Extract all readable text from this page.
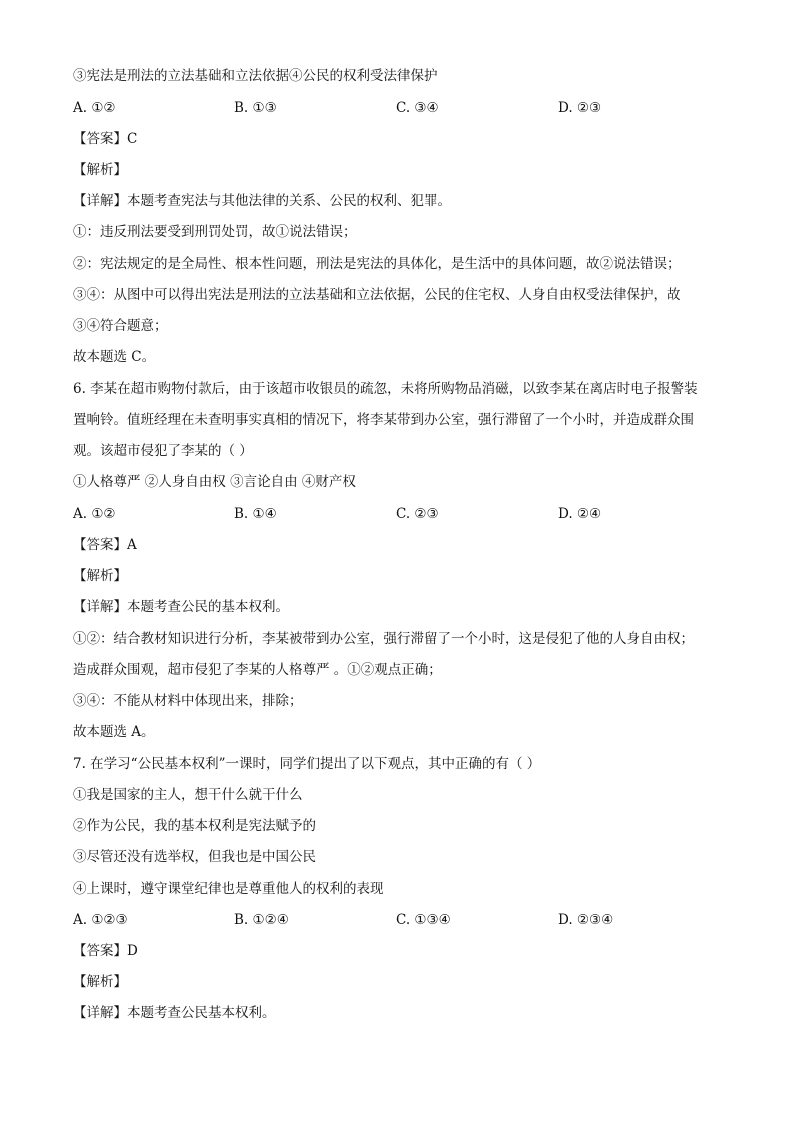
③宪法是刑法的立法基础和立法依据④公民的权利受法律保护
A. ①②	B. ①③	C. ③④	D. ②③
【答案】C
【解析】
【详解】本题考查宪法与其他法律的关系、公民的权利、犯罪。
①：违反刑法要受到刑罚处罚，故①说法错误；
②：宪法规定的是全局性、根本性问题，刑法是宪法的具体化，是生活中的具体问题，故②说法错误；
③④：从图中可以得出宪法是刑法的立法基础和立法依据，公民的住宅权、人身自由权受法律保护，故
③④符合题意；
故本题选 C。
6. 李某在超市购物付款后，由于该超市收银员的疏忽，未将所购物品消磁，以致李某在离店时电子报警装
置响铃。值班经理在未查明事实真相的情况下，将李某带到办公室，强行滞留了一个小时，并造成群众围
观。该超市侵犯了李某的（ ）
①人格尊严 ②人身自由权 ③言论自由 ④财产权
A. ①②	B. ①④	C. ②③	D. ②④
【答案】A
【解析】
【详解】本题考查公民的基本权利。
①②：结合教材知识进行分析，李某被带到办公室，强行滞留了一个小时，这是侵犯了他的人身自由权；
造成群众围观，超市侵犯了李某的人格尊严 。①②观点正确；
③④：不能从材料中体现出来，排除；
故本题选 A。
7. 在学习“公民基本权利”一课时，同学们提出了以下观点，其中正确的有（ ）
①我是国家的主人，想干什么就干什么
②作为公民，我的基本权利是宪法赋予的
③尽管还没有选举权，但我也是中国公民
④上课时，遵守课堂纪律也是尊重他人的权利的表现
A. ①②③	B. ①②④	C. ①③④	D. ②③④
【答案】D
【解析】
【详解】本题考查公民基本权利。
